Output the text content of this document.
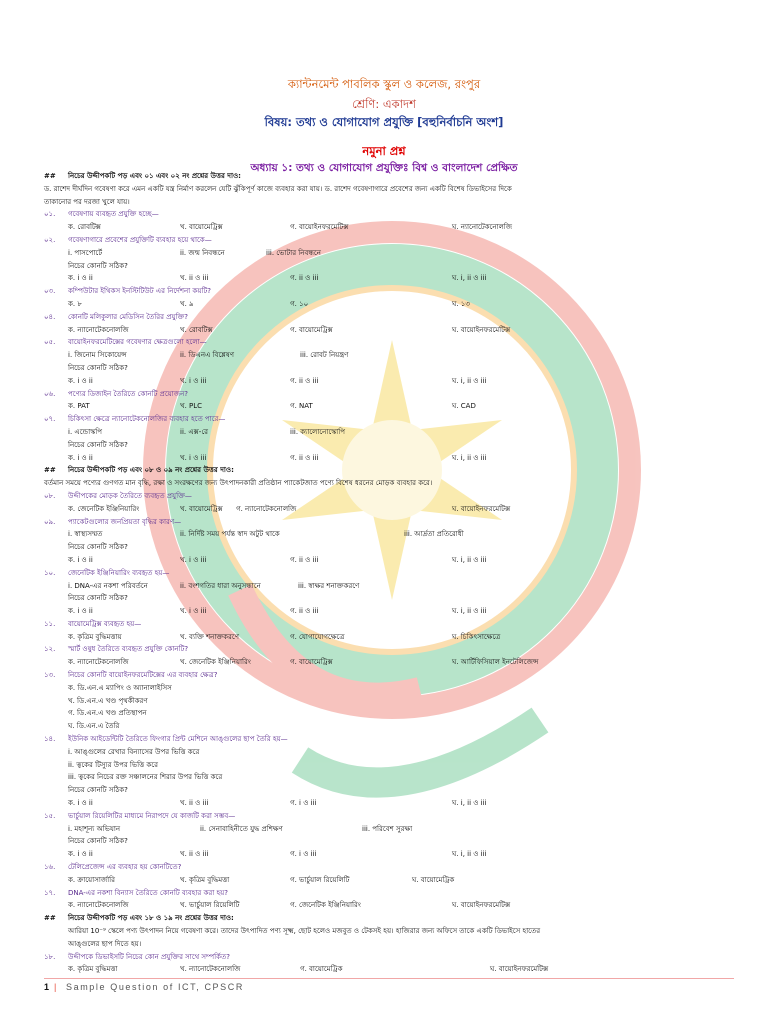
ক্যান্টনমেন্ট পাবলিক স্কুল ও কলেজ, রংপুর
শ্রেণি: একাদশ
বিষয়: তথ্য ও যোগাযোগ প্রযুক্তি [বহুনির্বাচনি অংশ]
নমুনা প্রশ্ন
অধ্যায় ১: তথ্য ও যোগাযোগ প্রযুক্তিঃ বিশ্ব ও বাংলাদেশ প্রেক্ষিত
## নিচের উদ্দীপকটি পড় এবং ০১ এবং ০২ নং প্রশ্নের উত্তর দাও:
ড. রাশেদ দীর্ঘদিন গবেষণা করে এমন একটি যন্ত্র নির্মাণ করলেন যেটি ঝুঁকিপূর্ণ কাজে ব্যবহার করা যায়। ড. রাশেদ গবেষণাগারে প্রবেশের জন্য একটি বিশেষ ডিভাইসের দিকে
তাকানোর পর দরজা খুলে যায়।
০১. গবেষণায় ব্যবহৃত প্রযুক্তি হচ্ছে—
ক. রোবটিক্স	খ. বায়োমেট্রিক্স	গ. বায়োইনফরমেটিক্স	ঘ. ন্যানোটেকনোলজি
০২. গবেষণাগারে প্রবেশের প্রযুক্তিটি ব্যবহার হয়ে থাকে—
i. পাসপোর্টে	ii. জন্ম নিবন্ধনে	iii. ভোটার নিবন্ধনে
নিচের কোনটি সঠিক?
ক. i ও ii	খ. ii ও iii	গ. ii ও iii	ঘ. i, ii ও iii
০৩. কম্পিউটার ইথিকস ইনস্টিটিউট এর নির্দেশনা কয়টি?
ক. ৮	খ. ৯	গ. ১০	ঘ. ১৩
০৪. কোনটি মলিকুলার মেডিসিন তৈরির প্রযুক্তি?
ক. ন্যানোটেকনোলজি	খ. রোবটিক্স	গ. বায়োমেট্রিক্স	ঘ. বায়োইনফরমেটিক্স
০৫. বায়োইনফরমেটিক্সের গবেষণার ক্ষেত্রগুলো হলো—
i. জিনোম সিকোয়েন্স	ii. ডিএনএ বিশ্লেষণ	iii. রোবট নিয়ন্ত্রণ
নিচের কোনটি সঠিক?
ক. i ও ii	খ. i ও iii	গ. ii ও iii	ঘ. i, ii ও iii
০৬. পণ্যের ডিজাইন তৈরিতে কোনটি প্রয়োজন?
ক. PAT	খ. PLC	গ. NAT	ঘ. CAD
০৭. চিকিৎসা ক্ষেত্রে ন্যানোটেকনোলজির ব্যবহার হতে পারে—
i. এন্ডোস্কপি	ii. এক্স-রে	iii. ক্যালোনোস্কোপি
নিচের কোনটি সঠিক?
ক. i ও ii	খ. i ও iii	গ. ii ও iii	ঘ. i, ii ও iii
## নিচের উদ্দীপকটি পড় এবং ০৮ ও ০৯ নং প্রশ্নের উত্তর দাও:
বর্তমান সময়ে পণ্যের গুণগত মান বৃদ্ধি, রক্ষা ও সংরক্ষণের জন্য উৎপাদনকারী প্রতিষ্ঠান প্যাকেটজাত পণ্যে বিশেষ ধরনের মোড়ক ব্যবহার করে।
০৮. উদ্দীপকের মোড়ক তৈরিতে ব্যবহৃত প্রযুক্তি—
ক. জেনেটিক ইঞ্জিনিয়ারিং	খ. বায়োমেট্রিক্স গ. ন্যানোটেকনোলজি	ঘ. বায়োইনফরমেটিক্স
০৯. প্যাকেটগুলোর জনপ্রিয়তা বৃদ্ধির কারণ—
i. স্বাস্থ্যসম্মত	ii. নির্দিষ্ট সময় পর্যন্ত স্বাদ অটুট থাকে	iii. আর্দ্রতা প্রতিরোধী
নিচের কোনটি সঠিক?
ক. i ও ii	খ. i ও iii	গ. ii ও iii	ঘ. i, ii ও iii
১০. জেনেটিক ইঞ্জিনিয়ারিং ব্যবহৃত হয়—
i. DNA-এর নকশা পরিবর্তনে	ii. বংশগতির ধারা অনুসন্ধানে	iii. স্বাক্ষর শনাক্তকরণে
নিচের কোনটি সঠিক?
ক. i ও ii	খ. i ও iii	গ. ii ও iii	ঘ. i, ii ও iii
১১. বায়োমেট্রিক্স ব্যবহৃত হয়—
ক. কৃত্রিম বুদ্ধিমত্তায়	খ. ব্যক্তি শনাক্তকরণে	গ. যোগাযোগক্ষেত্রে	ঘ. চিকিৎসাক্ষেত্রে
১২. স্মার্ট ওষুধ তৈরিতে ব্যবহৃত প্রযুক্তি কোনটি?
ক. ন্যানোটেকনোলজি	খ. জেনেটিক ইঞ্জিনিয়ারিং	গ. বায়োমেট্রিক্স	ঘ. আর্টিফিসিয়াল ইনটেলিজেন্স
১৩. নিচের কোনটি বায়োইনফরমেটিক্সের এর ব্যবহার ক্ষেত্র?
ক. ডি.এন.এ ম্যাপিং ও অ্যানালাইসিস
খ. ডি.এন.এ খণ্ড পৃথকীকরণ
গ. ডি.এন.এ খণ্ড প্রতিস্থাপন
ঘ. ডি.এন.এ তৈরি
১৪. ইউনিক আইডেন্টিটি তৈরিতে ফিংগার প্রিন্ট মেশিনে আঙ্গুলের ছাপ তৈরি হয়—
i. আঙ্গুলের রেখার বিন্যাসের উপর ভিত্তি করে
ii. ত্বকের টিস্যুর উপর ভিত্তি করে
iii. ত্বকের নিচের রক্ত সঞ্চালনের শিরার উপর ভিত্তি করে
নিচের কোনটি সঠিক?
ক. i ও ii	খ. ii ও iii	গ. i ও iii	ঘ. i, ii ও iii
১৫. ভার্চুয়াল রিয়েলিটির মাধ্যমে নিরাপদে যে কাজটি করা সম্ভব—
i. মহাশূন্য অভিযান	ii. সেনাবাহিনীতে যুদ্ধ প্রশিক্ষণ	iii. পরিবেশ সুরক্ষা
নিচের কোনটি সঠিক?
ক. i ও ii	খ. ii ও iii	গ. i ও iii	ঘ. i, ii ও iii
১৬. টেলিপ্রেজেন্স এর ব্যবহার হয় কোনটিতে?
ক. ক্রায়োসার্জারি	খ. কৃত্রিম বুদ্ধিমত্তা	গ. ভার্চুয়াল রিয়েলিটি	ঘ. বায়োমেট্রিক
১৭. DNA-এর নকশা বিন্যাস তৈরিতে কোনটি ব্যবহার করা হয়?
ক. ন্যানোটেকনোলজি	খ. ভার্চুয়াল রিয়েলিটি	গ. জেনেটিক ইঞ্জিনিয়ারিং	ঘ. বায়োইনফরমেটিক্স
## নিচের উদ্দীপকটি পড় এবং ১৮ ও ১৯ নং প্রশ্নের উত্তর দাও:
আরিয়া 10⁻⁹ স্কেলে পণ্য উৎপাদন নিয়ে গবেষণা করে। তাদের উৎপাদিত পণ্য সূক্ষ্ম, ছোট হলেও মজবুত ও টেকসই হয়। হাজিরার জন্য অফিসে তাকে একটি ডিভাইসে হাতের
আঙ্গুলের ছাপ দিতে হয়।
১৮. উদ্দীপকে ডিভাইসটি নিচের কোন প্রযুক্তির সাথে সম্পর্কিত?
ক. কৃত্রিম বুদ্ধিমত্তা	খ. ন্যানোটেকনোলজি	গ. বায়োমেট্রিক	ঘ. বায়োইনফরমেটিক্স
1 | Sample Question of ICT, CPSCR
